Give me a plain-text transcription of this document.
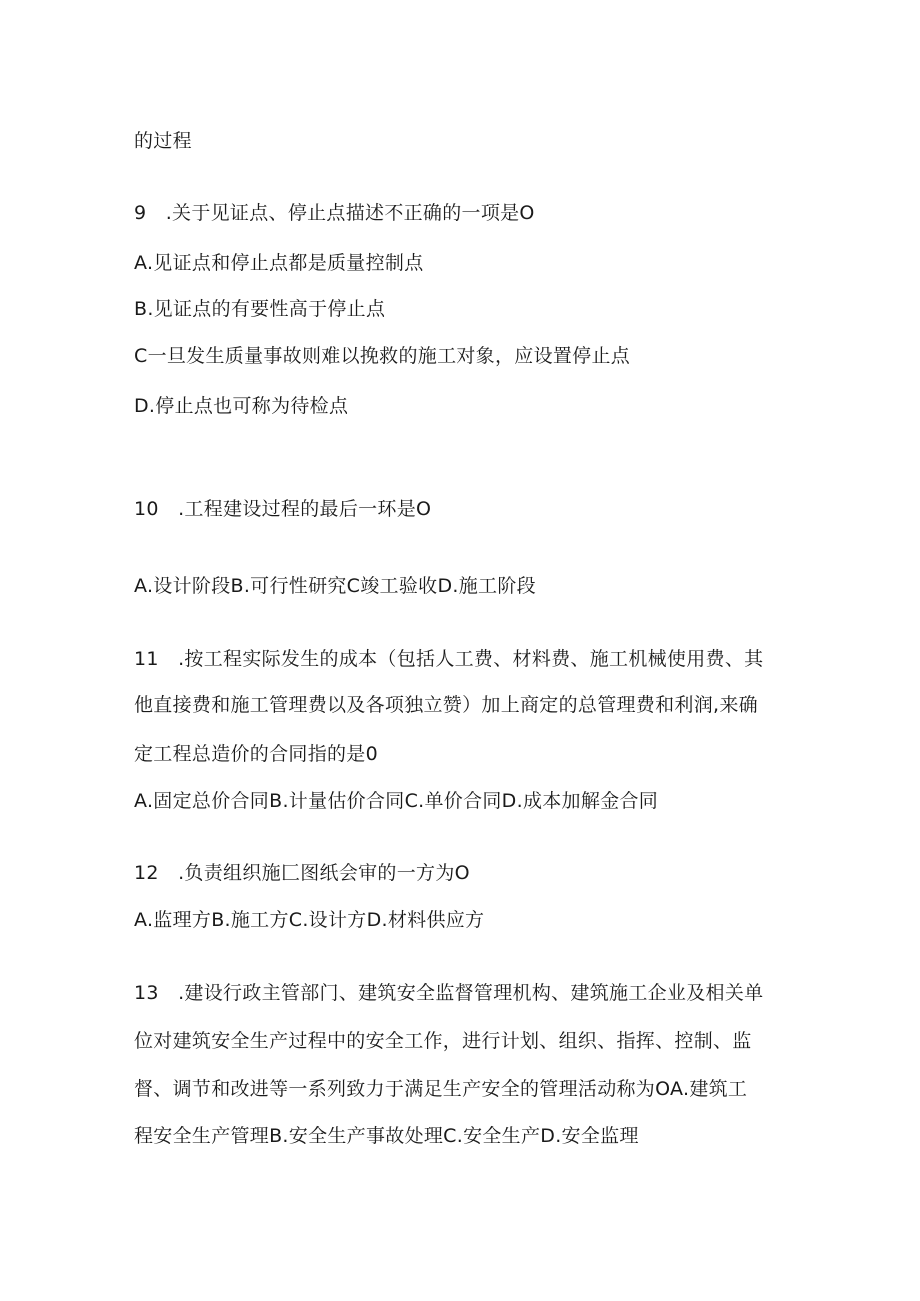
的过程
9　.关于见证点、停止点描述不正确的一项是O
A.见证点和停止点都是质量控制点
B.见证点的有要性高于停止点
C一旦发生质量事故则难以挽救的施工对象，应设置停止点
D.停止点也可称为待检点
10　.工程建设过程的最后一环是O
A.设计阶段B.可行性研究C竣工验收D.施工阶段
11　.按工程实际发生的成本（包括人工费、材料费、施工机械使用费、其
他直接费和施工管理费以及各项独立赞）加上商定的总管理费和利润,来确
定工程总造价的合同指的是0
A.固定总价合同B.计量估价合同C.单价合同D.成本加解金合同
12　.负责组织施匚图纸会审的一方为O
A.监理方B.施工方C.设计方D.材料供应方
13　.建设行政主管部门、建筑安全监督管理机构、建筑施工企业及相关单
位对建筑安全生产过程中的安全工作，进行计划、组织、指挥、控制、监
督、调节和改进等一系列致力于满足生产安全的管理活动称为OA.建筑工
程安全生产管理B.安全生产事故处理C.安全生产D.安全监理
